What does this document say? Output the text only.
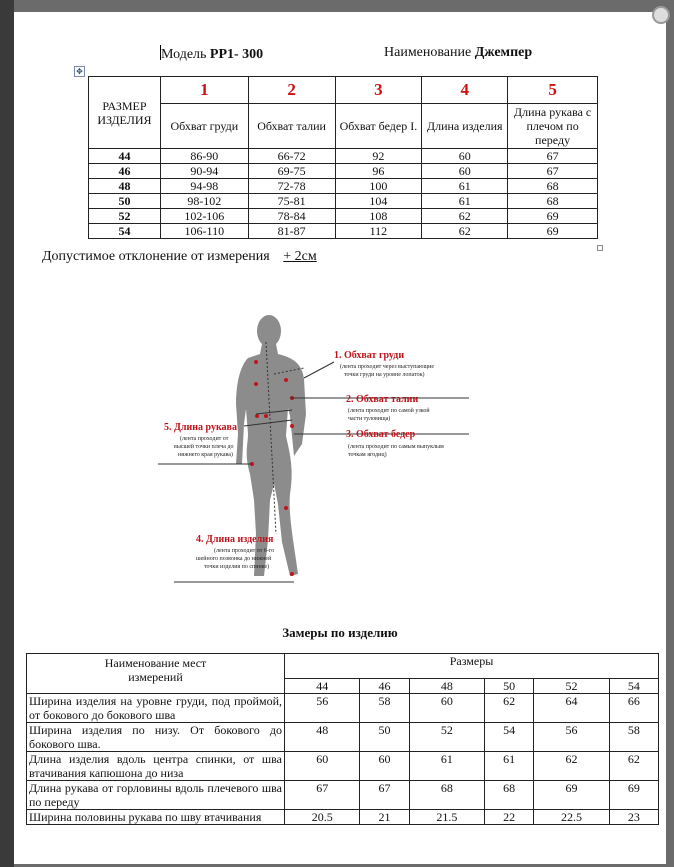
Модель РР1- 300	Наименование Джемпер
✥
РАЗМЕР ИЗДЕЛИЯ	1	2	3	4	5
	Обхват груди	Обхват талии	Обхват бедер I.	Длина изделия	Длина рукава с плечом по переду
44	86-90	66-72	92	60	67
46	90-94	69-75	96	60	67
48	94-98	72-78	100	61	68
50	98-102	75-81	104	61	68
52	102-106	78-84	108	62	69
54	106-110	81-87	112	62	69
Допустимое отклонение от измерения + 2см
1. Обхват груди
(лента проходит через выступающие
точки груди на уровне лопаток)
2. Обхват талии
(лента проходит по самой узкой
части туловища)
3. Обхват бедер
(лента проходит по самым выпуклым
точкам ягодиц)
5. Длина рукава
(лента проходит от
высшей точки плеча до
нижнего края рукава)
4. Длина изделия
(лента проходит от 6-го
шейного позвонка до нижней
точки изделия по спинке)
Замеры по изделию
Наименование мест измерений	Размеры					
	44	46	48	50	52	54
Ширина изделия на уровне груди, под проймой, от бокового до бокового шва	56	58	60	62	64	66
Ширина изделия по низу. От бокового до бокового шва.	48	50	52	54	56	58
Длина изделия вдоль центра спинки, от шва втачивания капюшона до низа	60	60	61	61	62	62
Длина рукава от горловины вдоль плечевого шва по переду	67	67	68	68	69	69
Ширина половины рукава по шву втачивания	20.5	21	21.5	22	22.5	23
